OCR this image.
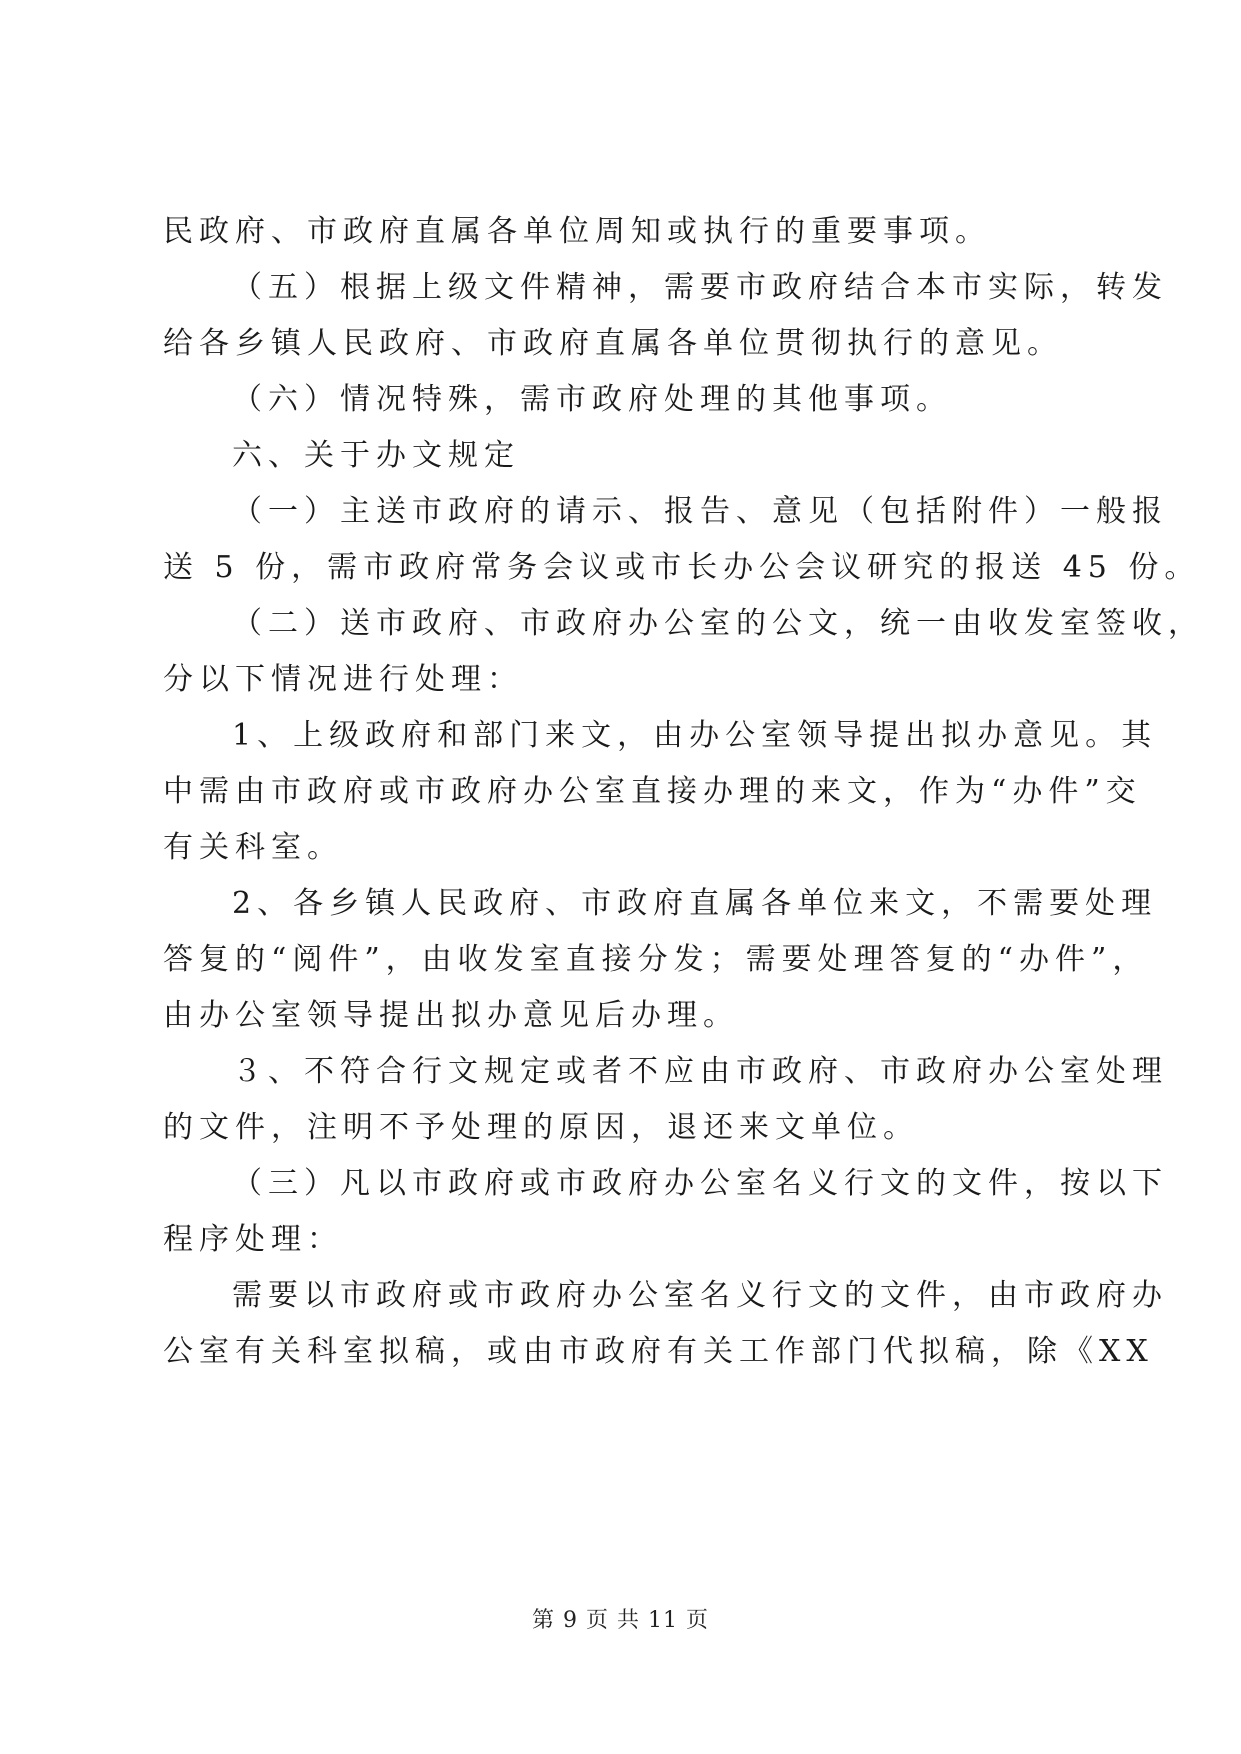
民政府、市政府直属各单位周知或执行的重要事项。
（五）根据上级文件精神，需要市政府结合本市实际，转发
给各乡镇人民政府、市政府直属各单位贯彻执行的意见。
（六）情况特殊，需市政府处理的其他事项。
六、关于办文规定
（一）主送市政府的请示、报告、意见（包括附件）一般报
送 5 份，需市政府常务会议或市长办公会议研究的报送 45 份。
（二）送市政府、市政府办公室的公文，统一由收发室签收，
分以下情况进行处理：
1、上级政府和部门来文，由办公室领导提出拟办意见。其
中需由市政府或市政府办公室直接办理的来文，作为“办件”交
有关科室。
2、各乡镇人民政府、市政府直属各单位来文，不需要处理
答复的“阅件”，由收发室直接分发；需要处理答复的“办件”，
由办公室领导提出拟办意见后办理。
３、不符合行文规定或者不应由市政府、市政府办公室处理
的文件，注明不予处理的原因，退还来文单位。
（三）凡以市政府或市政府办公室名义行文的文件，按以下
程序处理：
需要以市政府或市政府办公室名义行文的文件，由市政府办
公室有关科室拟稿，或由市政府有关工作部门代拟稿，除《XX
第 9 页 共 11 页
